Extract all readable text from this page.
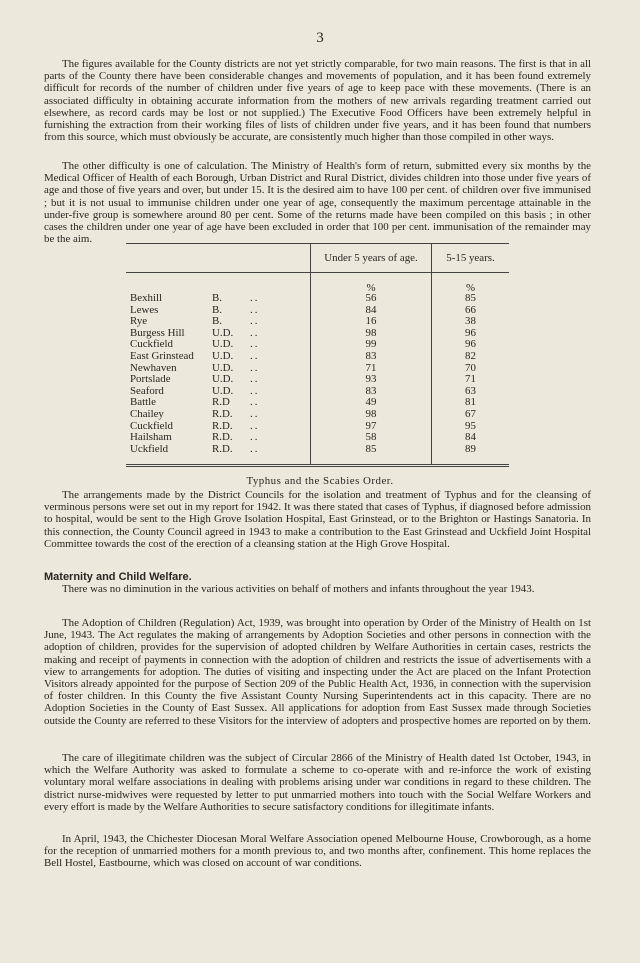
3

The figures available for the County districts are not yet strictly comparable, for two main reasons. The first is that in all parts of the County there have been considerable changes and movements of population, and it has been found extremely difficult for records of the number of children under five years of age to keep pace with these movements. (There is an associated difficulty in obtaining accurate information from the mothers of new arrivals regarding treatment carried out elsewhere, as record cards may be lost or not supplied.) The Executive Food Officers have been extremely helpful in furnishing the extraction from their working files of lists of children under five years, and it has been found that numbers from this source, which must obviously be accurate, are consistently much higher than those compiled in other ways.

The other difficulty is one of calculation. The Ministry of Health's form of return, submitted every six months by the Medical Officer of Health of each Borough, Urban District and Rural District, divides children into those under five years of age and those of five years and over, but under 15. It is the desired aim to have 100 per cent. of children over five immunised ; but it is not usual to immunise children under one year of age, consequently the maximum percentage attainable in the under-five group is somewhere around 80 per cent. Some of the returns made have been compiled on this basis ; in other cases the children under one year of age have been excluded in order that 100 per cent. immunisation of the remainder may be the aim.

	Under 5 years of age.	5-15 years.
	%	%
Bexhill B. ..	56	85
Lewes B. ..	84	66
Rye B. ..	16	38
Burgess Hill U.D. ..	98	96
Cuckfield U.D. ..	99	96
East Grinstead U.D. ..	83	82
Newhaven U.D. ..	71	70
Portslade U.D. ..	93	71
Seaford U.D. ..	83	63
Battle R.D ..	49	81
Chailey R.D. ..	98	67
Cuckfield R.D. ..	97	95
Hailsham R.D. ..	58	84
Uckfield R.D. ..	85	89
Typhus and the Scabies Order.

The arrangements made by the District Councils for the isolation and treatment of Typhus and for the cleansing of verminous persons were set out in my report for 1942. It was there stated that cases of Typhus, if diagnosed before admission to hospital, would be sent to the High Grove Isolation Hospital, East Grinstead, or to the Brighton or Hastings Sanatoria. In this connection, the County Council agreed in 1943 to make a contribution to the East Grinstead and Uckfield Joint Hospital Committee towards the cost of the erection of a cleansing station at the High Grove Hospital.

Maternity and Child Welfare.

There was no diminution in the various activities on behalf of mothers and infants throughout the year 1943.

The Adoption of Children (Regulation) Act, 1939, was brought into operation by Order of the Ministry of Health on 1st June, 1943. The Act regulates the making of arrangements by Adoption Societies and other persons in connection with the adoption of children, provides for the supervision of adopted children by Welfare Authorities in certain cases, restricts the making and receipt of payments in connection with the adoption of children and restricts the issue of advertisements with a view to arrangements for adoption. The duties of visiting and inspecting under the Act are placed on the Infant Protection Visitors already appointed for the purpose of Section 209 of the Public Health Act, 1936, in connection with the supervision of foster children. In this County the five Assistant County Nursing Superintendents act in this capacity. There are no Adoption Societies in the County of East Sussex. All applications for adoption from East Sussex made through Societies outside the County are referred to these Visitors for the interview of adopters and prospective homes are reported on by them.

The care of illegitimate children was the subject of Circular 2866 of the Ministry of Health dated 1st October, 1943, in which the Welfare Authority was asked to formulate a scheme to co-operate with and re-inforce the work of existing voluntary moral welfare associations in dealing with problems arising under war conditions in regard to these children. The district nurse-midwives were requested by letter to put unmarried mothers into touch with the Social Welfare Workers and every effort is made by the Welfare Authorities to secure satisfactory conditions for illegitimate infants.

In April, 1943, the Chichester Diocesan Moral Welfare Association opened Melbourne House, Crowborough, as a home for the reception of unmarried mothers for a month previous to, and two months after, confinement. This home replaces the Bell Hostel, Eastbourne, which was closed on account of war conditions.
